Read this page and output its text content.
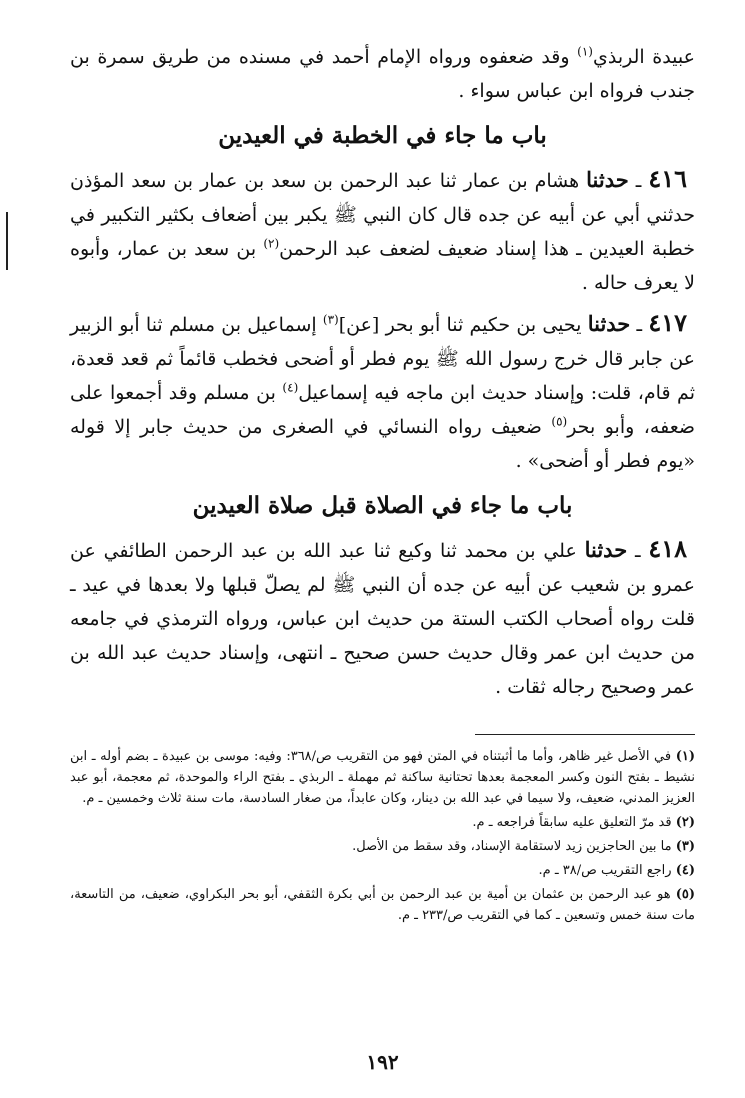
عبيدة الربذي$^{(١)}$ وقد ضعفوه ورواه الإمام أحمد في مسنده من طريق سمرة بن جندب فرواه ابن عباس سواء .

باب ما جاء في الخطبة في العيدين

٤١٦ ـ حدثنا هشام بن عمار ثنا عبد الرحمن بن سعد بن عمار بن سعد المؤذن حدثني أبي عن أبيه عن جده قال كان النبي ﷺ يكبر بين أضعاف بكثير التكبير في خطبة العيدين ـ هذا إسناد ضعيف لضعف عبد الرحمن$^{(٢)}$ بن سعد بن عمار، وأبوه لا يعرف حاله .

٤١٧ ـ حدثنا يحيى بن حكيم ثنا أبو بحر [عن]$^{(٣)}$ إسماعيل بن مسلم ثنا أبو الزبير عن جابر قال خرج رسول الله ﷺ يوم فطر أو أضحى فخطب قائماً ثم قعد قعدة، ثم قام، قلت: وإسناد حديث ابن ماجه فيه إسماعيل$^{(٤)}$ بن مسلم وقد أجمعوا على ضعفه، وأبو بحر$^{(٥)}$ ضعيف رواه النسائي في الصغرى من حديث جابر إلا قوله «يوم فطر أو أضحى» .

باب ما جاء في الصلاة قبل صلاة العيدين

٤١٨ ـ حدثنا علي بن محمد ثنا وكيع ثنا عبد الله بن عبد الرحمن الطائفي عن عمرو بن شعيب عن أبيه عن جده أن النبي ﷺ لم يصلّ قبلها ولا بعدها في عيد ـ قلت رواه أصحاب الكتب الستة من حديث ابن عباس، ورواه الترمذي في جامعه من حديث ابن عمر وقال حديث حسن صحيح ـ انتهى، وإسناد حديث عبد الله بن عمر وصحيح رجاله ثقات .

(١) في الأصل غير ظاهر، وأما ما أثبتناه في المتن فهو من التقريب ص/٣٦٨: وفيه: موسى بن عبيدة ـ بضم أوله ـ ابن نشيط ـ بفتح النون وكسر المعجمة بعدها تحتانية ساكنة ثم مهملة ـ الربذي ـ بفتح الراء والموحدة، ثم معجمة، أبو عبد العزيز المدني، ضعيف، ولا سيما في عبد الله بن دينار، وكان عابداً، من صغار السادسة، مات سنة ثلاث وخمسين ـ م.

(٢) قد مرّ التعليق عليه سابقاً فراجعه ـ م.

(٣) ما بين الحاجزين زيد لاستقامة الإسناد، وقد سقط من الأصل.

(٤) راجع التقريب ص/٣٨ ـ م.

(٥) هو عبد الرحمن بن عثمان بن أمية بن عبد الرحمن بن أبي بكرة الثقفي، أبو بحر البكراوي، ضعيف، من التاسعة، مات سنة خمس وتسعين ـ كما في التقريب ص/٢٣٣ ـ م.

١٩٢
